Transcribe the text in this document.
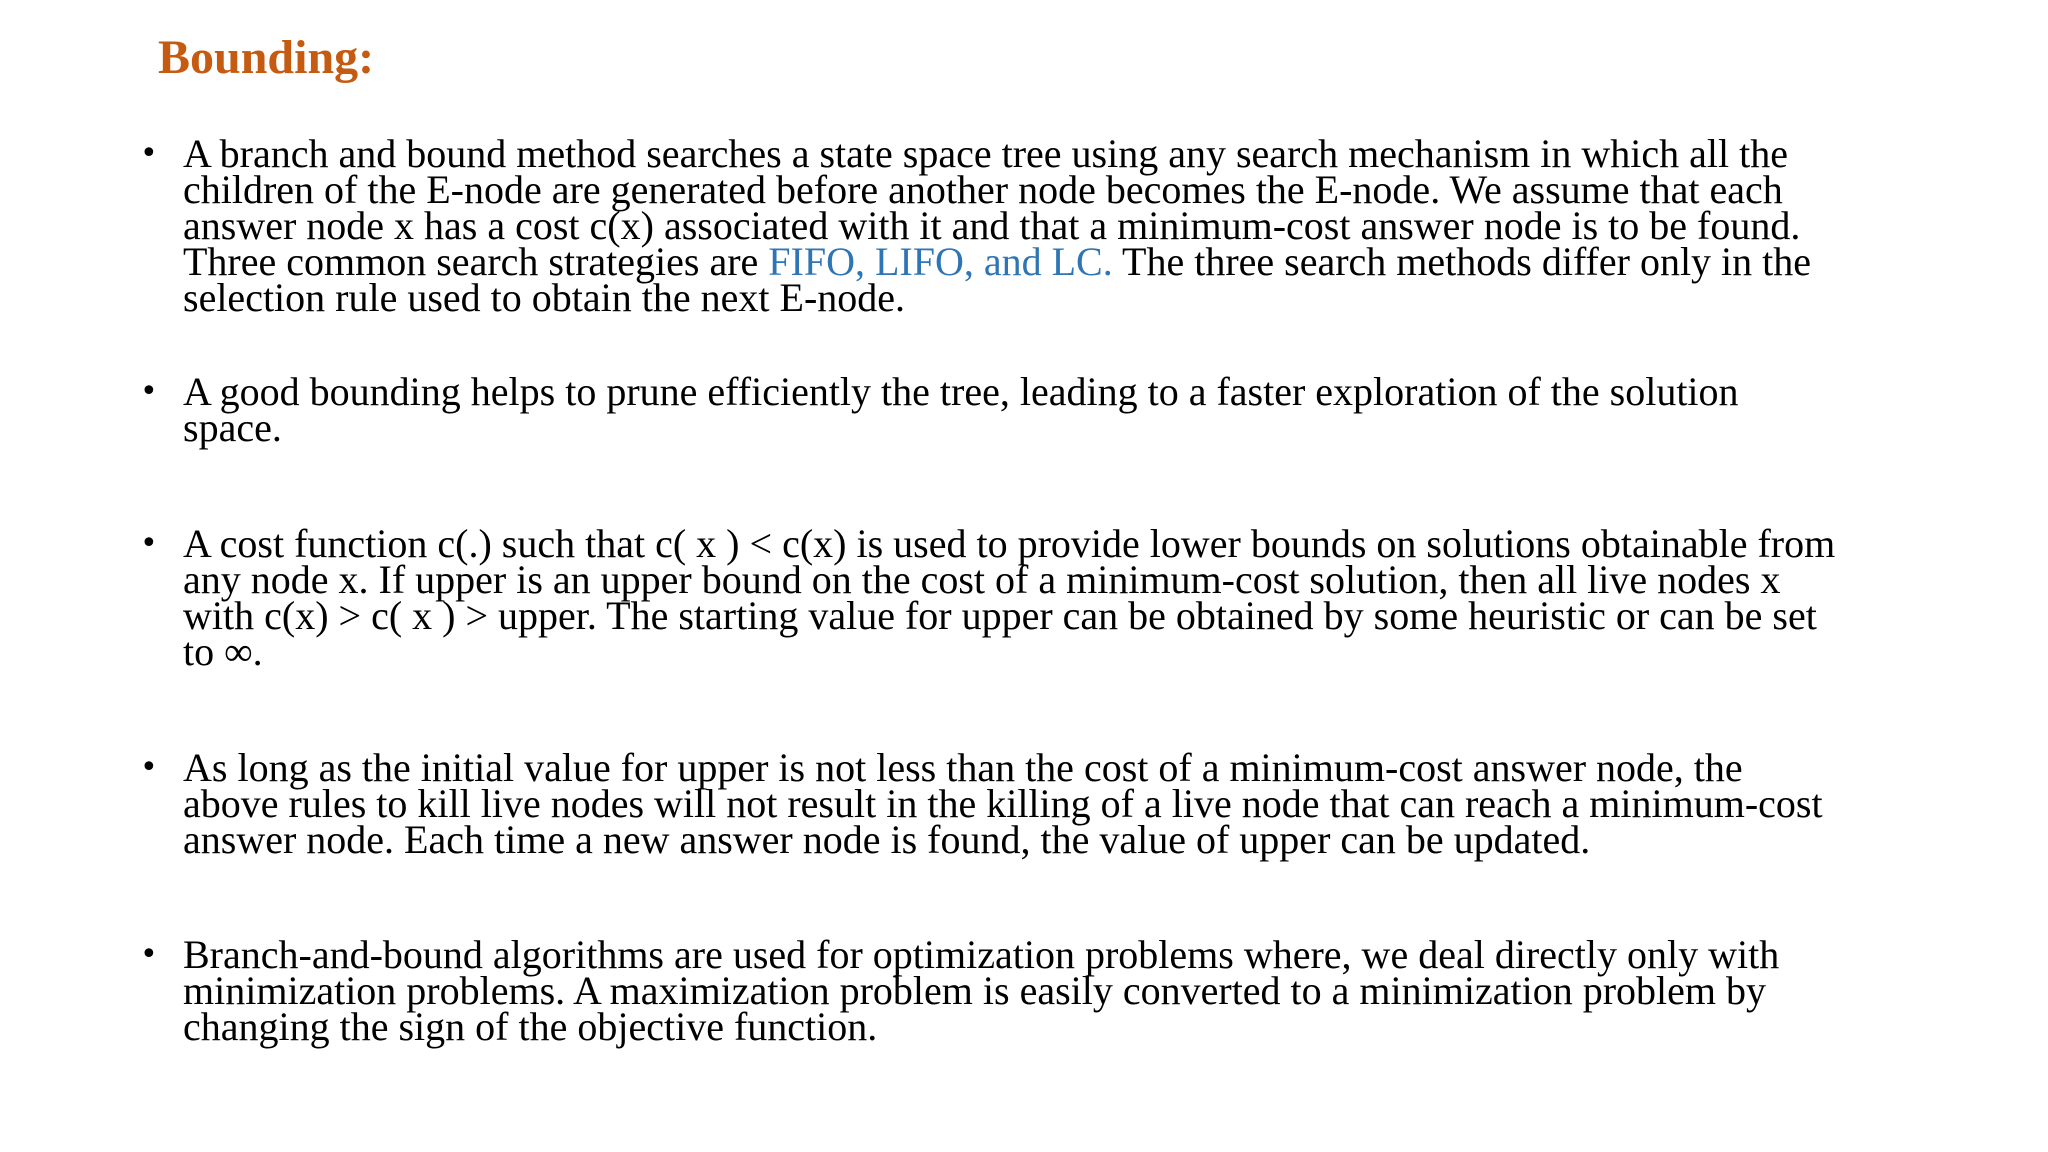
Bounding:
• A branch and bound method searches a state space tree using any search mechanism in which all the
children of the E-node are generated before another node becomes the E-node. We assume that each
answer node x has a cost c(x) associated with it and that a minimum-cost answer node is to be found.
Three common search strategies are FIFO, LIFO, and LC. The three search methods differ only in the
selection rule used to obtain the next E-node.
• A good bounding helps to prune efficiently the tree, leading to a faster exploration of the solution
space.
• A cost function c(.) such that c( x ) < c(x) is used to provide lower bounds on solutions obtainable from
any node x. If upper is an upper bound on the cost of a minimum-cost solution, then all live nodes x
with c(x) > c( x ) > upper. The starting value for upper can be obtained by some heuristic or can be set
to ∞.
• As long as the initial value for upper is not less than the cost of a minimum-cost answer node, the
above rules to kill live nodes will not result in the killing of a live node that can reach a minimum-cost
answer node. Each time a new answer node is found, the value of upper can be updated.
• Branch-and-bound algorithms are used for optimization problems where, we deal directly only with
minimization problems. A maximization problem is easily converted to a minimization problem by
changing the sign of the objective function.
